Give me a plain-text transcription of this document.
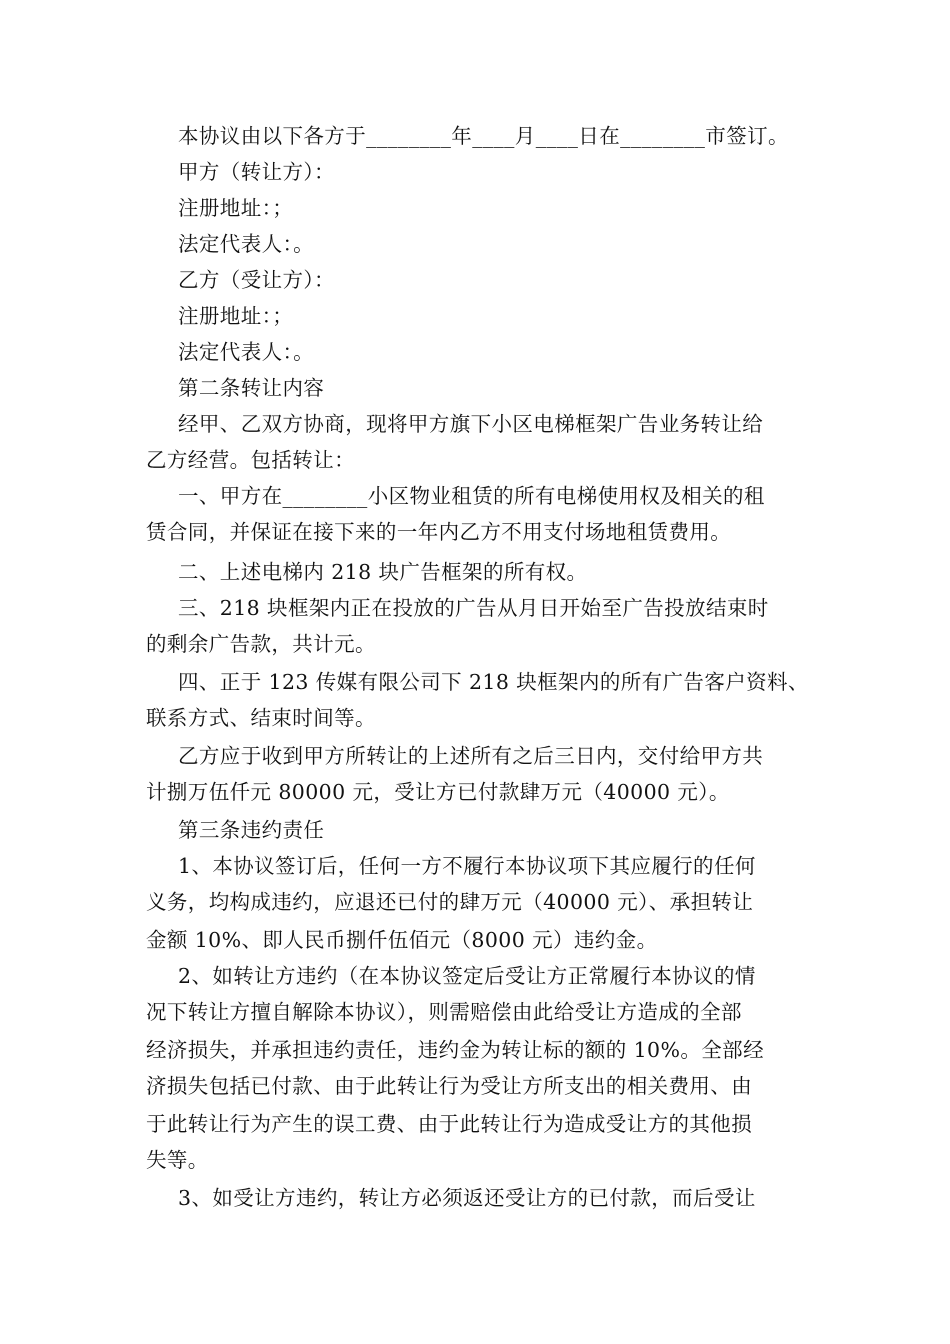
本协议由以下各方于________年____月____日在________市签订。
甲方（转让方）：
注册地址：；
法定代表人：。
乙方（受让方）：
注册地址：；
法定代表人：。
第二条转让内容
经甲、乙双方协商，现将甲方旗下小区电梯框架广告业务转让给
乙方经营。包括转让：
一、甲方在________小区物业租赁的所有电梯使用权及相关的租
赁合同，并保证在接下来的一年内乙方不用支付场地租赁费用。
二、上述电梯内 218 块广告框架的所有权。
三、218 块框架内正在投放的广告从月日开始至广告投放结束时
的剩余广告款，共计元。
四、正于 123 传媒有限公司下 218 块框架内的所有广告客户资料、
联系方式、结束时间等。
乙方应于收到甲方所转让的上述所有之后三日内，交付给甲方共
计捌万伍仟元 80000 元，受让方已付款肆万元（40000 元）。
第三条违约责任
1、本协议签订后，任何一方不履行本协议项下其应履行的任何
义务，均构成违约，应退还已付的肆万元（40000 元）、承担转让
金额 10%、即人民币捌仟伍佰元（8000 元）违约金。
2、如转让方违约（在本协议签定后受让方正常履行本协议的情
况下转让方擅自解除本协议），则需赔偿由此给受让方造成的全部
经济损失，并承担违约责任，违约金为转让标的额的 10%。全部经
济损失包括已付款、由于此转让行为受让方所支出的相关费用、由
于此转让行为产生的误工费、由于此转让行为造成受让方的其他损
失等。
3、如受让方违约，转让方必须返还受让方的已付款，而后受让
